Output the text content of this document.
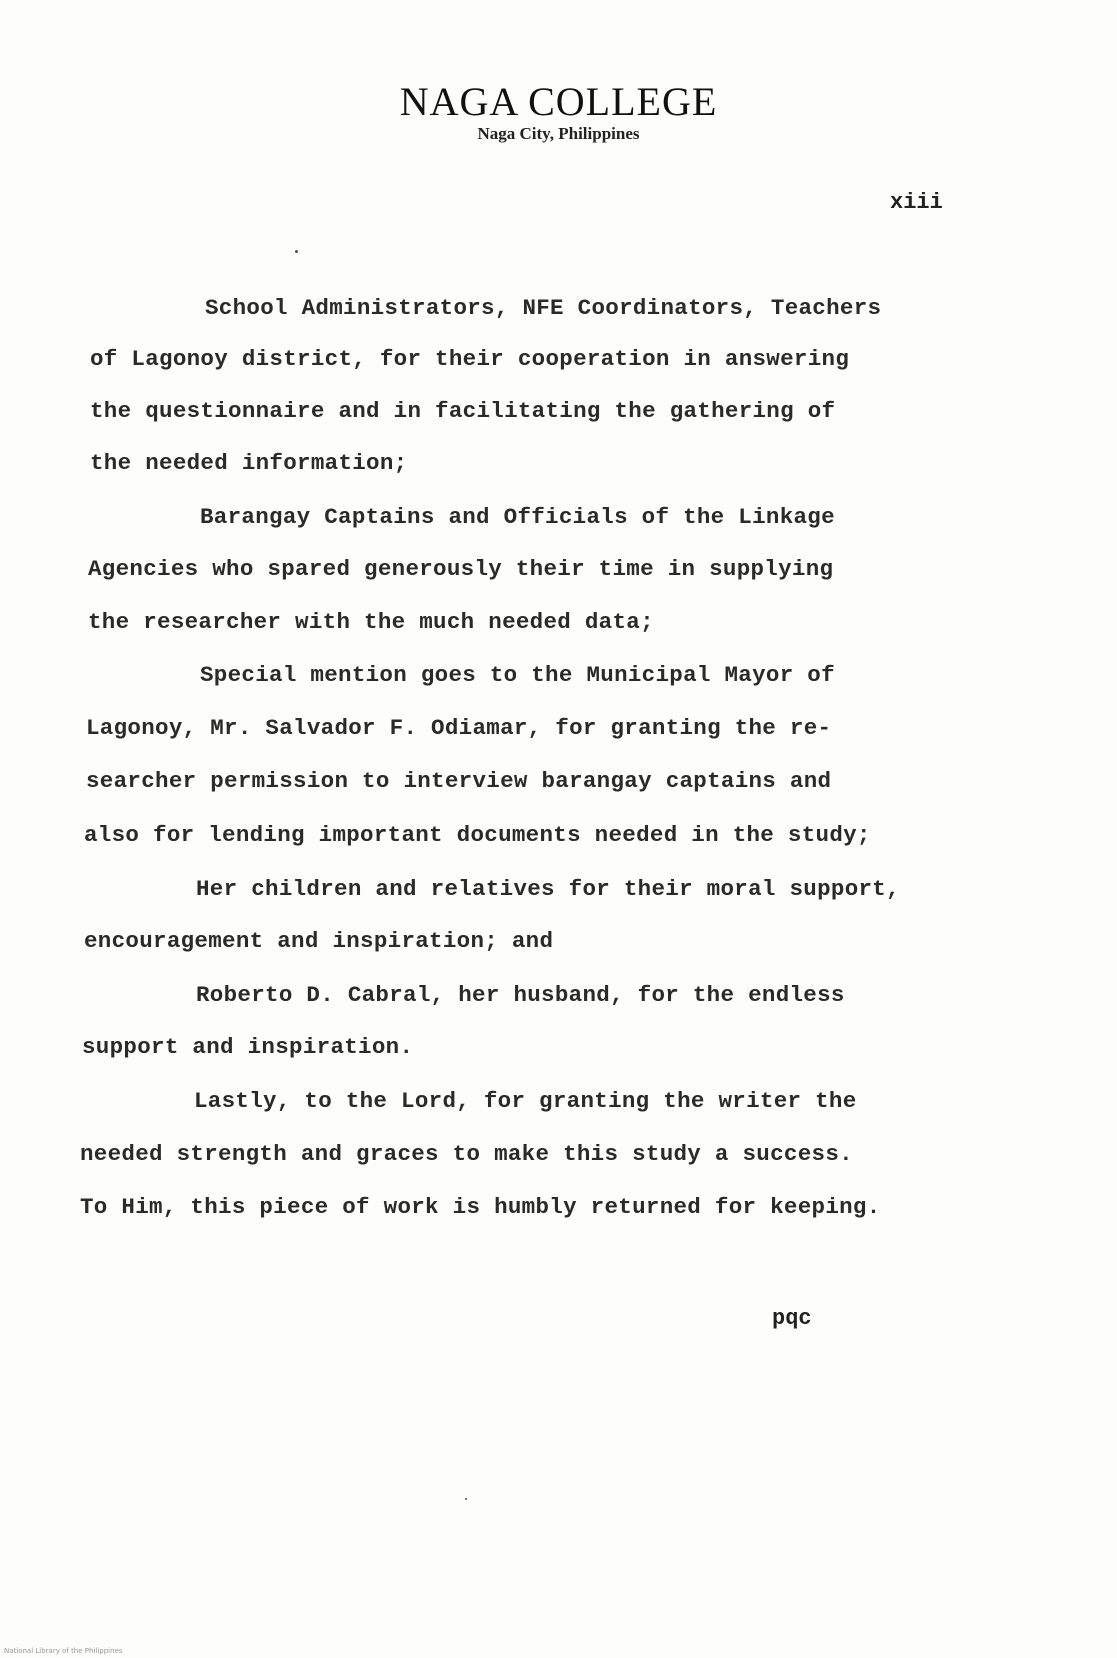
NAGA COLLEGE
Naga City, Philippines
xiii
School Administrators, NFE Coordinators, Teachers
of Lagonoy district, for their cooperation in answering
the questionnaire and in facilitating the gathering of
the needed information;
Barangay Captains and Officials of the Linkage
Agencies who spared generously their time in supplying
the researcher with the much needed data;
Special mention goes to the Municipal Mayor of
Lagonoy, Mr. Salvador F. Odiamar, for granting the re-
searcher permission to interview barangay captains and
also for lending important documents needed in the study;
Her children and relatives for their moral support,
encouragement and inspiration; and
Roberto D. Cabral, her husband, for the endless
support and inspiration.
Lastly, to the Lord, for granting the writer the
needed strength and graces to make this study a success.
To Him, this piece of work is humbly returned for keeping.
pqc
National Library of the Philippines
